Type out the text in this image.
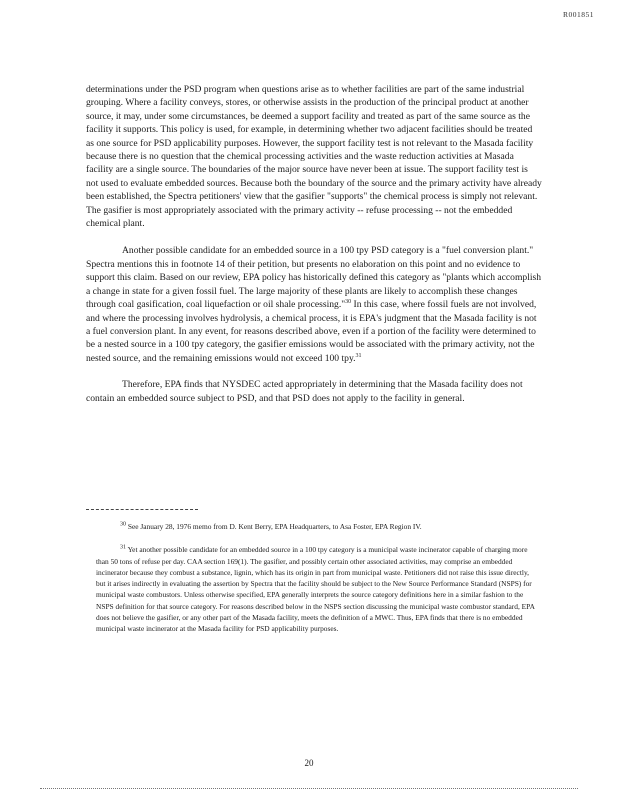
R001851

determinations under the PSD program when questions arise as to whether facilities are part of the same industrial grouping. Where a facility conveys, stores, or otherwise assists in the production of the principal product at another source, it may, under some circumstances, be deemed a support facility and treated as part of the same source as the facility it supports. This policy is used, for example, in determining whether two adjacent facilities should be treated as one source for PSD applicability purposes. However, the support facility test is not relevant to the Masada facility because there is no question that the chemical processing activities and the waste reduction activities at Masada facility are a single source. The boundaries of the major source have never been at issue. The support facility test is not used to evaluate embedded sources. Because both the boundary of the source and the primary activity have already been established, the Spectra petitioners' view that the gasifier "supports" the chemical process is simply not relevant. The gasifier is most appropriately associated with the primary activity -- refuse processing -- not the embedded chemical plant.

Another possible candidate for an embedded source in a 100 tpy PSD category is a "fuel conversion plant." Spectra mentions this in footnote 14 of their petition, but presents no elaboration on this point and no evidence to support this claim. Based on our review, EPA policy has historically defined this category as "plants which accomplish a change in state for a given fossil fuel. The large majority of these plants are likely to accomplish these changes through coal gasification, coal liquefaction or oil shale processing."$^{30}$ In this case, where fossil fuels are not involved, and where the processing involves hydrolysis, a chemical process, it is EPA's judgment that the Masada facility is not a fuel conversion plant. In any event, for reasons described above, even if a portion of the facility were determined to be a nested source in a 100 tpy category, the gasifier emissions would be associated with the primary activity, not the nested source, and the remaining emissions would not exceed 100 tpy.$^{31}$

Therefore, EPA finds that NYSDEC acted appropriately in determining that the Masada facility does not contain an embedded source subject to PSD, and that PSD does not apply to the facility in general.

$^{30}$ See January 28, 1976 memo from D. Kent Berry, EPA Headquarters, to Asa Foster, EPA Region IV.

$^{31}$ Yet another possible candidate for an embedded source in a 100 tpy category is a municipal waste incinerator capable of charging more than 50 tons of refuse per day. CAA section 169(1). The gasifier, and possibly certain other associated activities, may comprise an embedded incinerator because they combust a substance, lignin, which has its origin in part from municipal waste. Petitioners did not raise this issue directly, but it arises indirectly in evaluating the assertion by Spectra that the facility should be subject to the New Source Performance Standard (NSPS) for municipal waste combustors. Unless otherwise specified, EPA generally interprets the source category definitions here in a similar fashion to the NSPS definition for that source category. For reasons described below in the NSPS section discussing the municipal waste combustor standard, EPA does not believe the gasifier, or any other part of the Masada facility, meets the definition of a MWC. Thus, EPA finds that there is no embedded municipal waste incinerator at the Masada facility for PSD applicability purposes.

20
